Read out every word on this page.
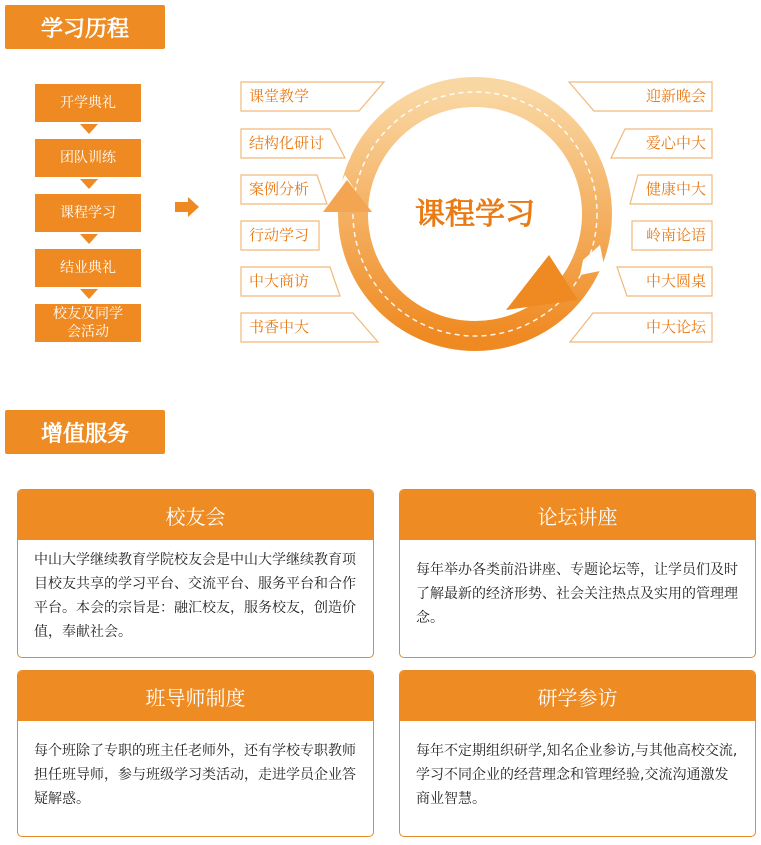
学习历程
开学典礼
团队训练
课程学习
结业典礼
校友及同学
会活动
课程学习
课堂教学
结构化研讨
案例分析
行动学习
中大商访
书香中大
迎新晚会
爱心中大
健康中大
岭南论语
中大圆桌
中大论坛
增值服务
校友会
中山大学继续教育学院校友会是中山大学继续教育项目校友共享的学习平台、交流平台、服务平台和合作平台。本会的宗旨是：融汇校友，服务校友，创造价值，奉献社会。
论坛讲座
每年举办各类前沿讲座、专题论坛等，让学员们及时了解最新的经济形势、社会关注热点及实用的管理理念。
班导师制度
每个班除了专职的班主任老师外，还有学校专职教师担任班导师，参与班级学习类活动，走进学员企业答疑解惑。
研学参访
每年不定期组织研学,知名企业参访,与其他高校交流,学习不同企业的经营理念和管理经验,交流沟通激发商业智慧。
